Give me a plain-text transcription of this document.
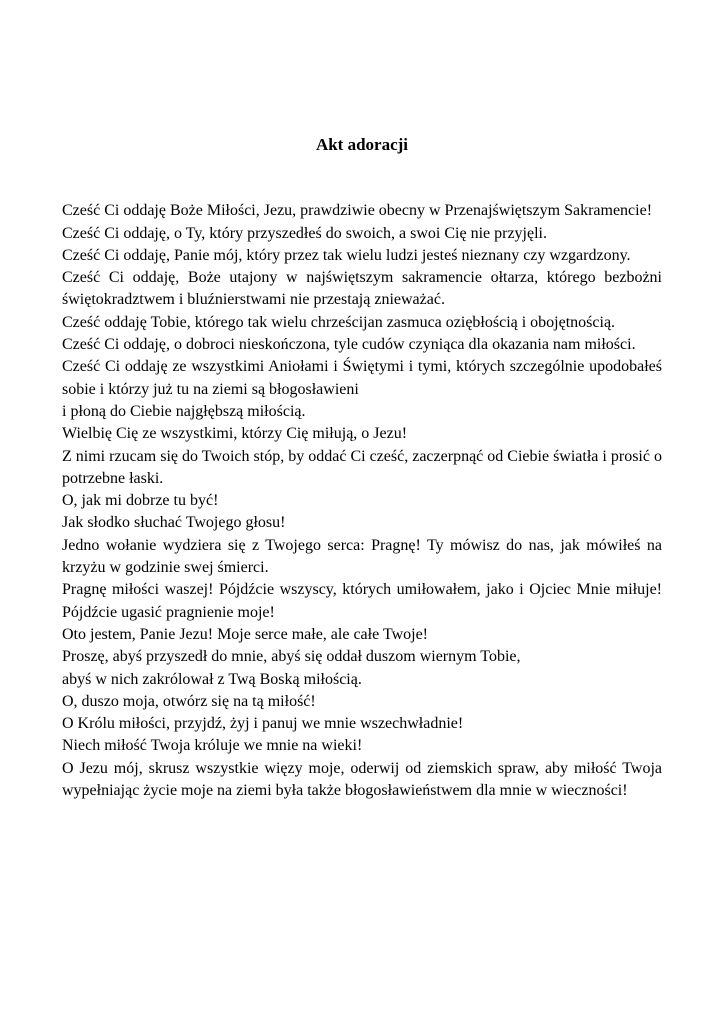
Akt adoracji

Cześć Ci oddaję Boże Miłości, Jezu, prawdziwie obecny w Przenajświętszym Sakramencie!

Cześć Ci oddaję, o Ty, który przyszedłeś do swoich, a swoi Cię nie przyjęli.

Cześć Ci oddaję, Panie mój, który przez tak wielu ludzi jesteś nieznany czy wzgardzony.

Cześć Ci oddaję, Boże utajony w najświętszym sakramencie ołtarza, którego bezbożni świętokradztwem i bluźnierstwami nie przestają znieważać.

Cześć oddaję Tobie, którego tak wielu chrześcijan zasmuca oziębłością i obojętnością.

Cześć Ci oddaję, o dobroci nieskończona, tyle cudów czyniąca dla okazania nam miłości.

Cześć Ci oddaję ze wszystkimi Aniołami i Świętymi i tymi, których szczególnie upodobałeś sobie i którzy już tu na ziemi są błogosławieni

i płoną do Ciebie najgłębszą miłością.

Wielbię Cię ze wszystkimi, którzy Cię miłują, o Jezu!

Z nimi rzucam się do Twoich stóp, by oddać Ci cześć, zaczerpnąć od Ciebie światła i prosić o potrzebne łaski.

O, jak mi dobrze tu być!

Jak słodko słuchać Twojego głosu!

Jedno wołanie wydziera się z Twojego serca: Pragnę! Ty mówisz do nas, jak mówiłeś na krzyżu w godzinie swej śmierci.

Pragnę miłości waszej! Pójdźcie wszyscy, których umiłowałem, jako i Ojciec Mnie miłuje! Pójdźcie ugasić pragnienie moje!

Oto jestem, Panie Jezu! Moje serce małe, ale całe Twoje!

Proszę, abyś przyszedł do mnie, abyś się oddał duszom wiernym Tobie,

abyś w nich zakrólował z Twą Boską miłością.

O, duszo moja, otwórz się na tą miłość!

O Królu miłości, przyjdź, żyj i panuj we mnie wszechwładnie!

Niech miłość Twoja króluje we mnie na wieki!

O Jezu mój, skrusz wszystkie więzy moje, oderwij od ziemskich spraw, aby miłość Twoja wypełniając życie moje na ziemi była także błogosławieństwem dla mnie w wieczności!
